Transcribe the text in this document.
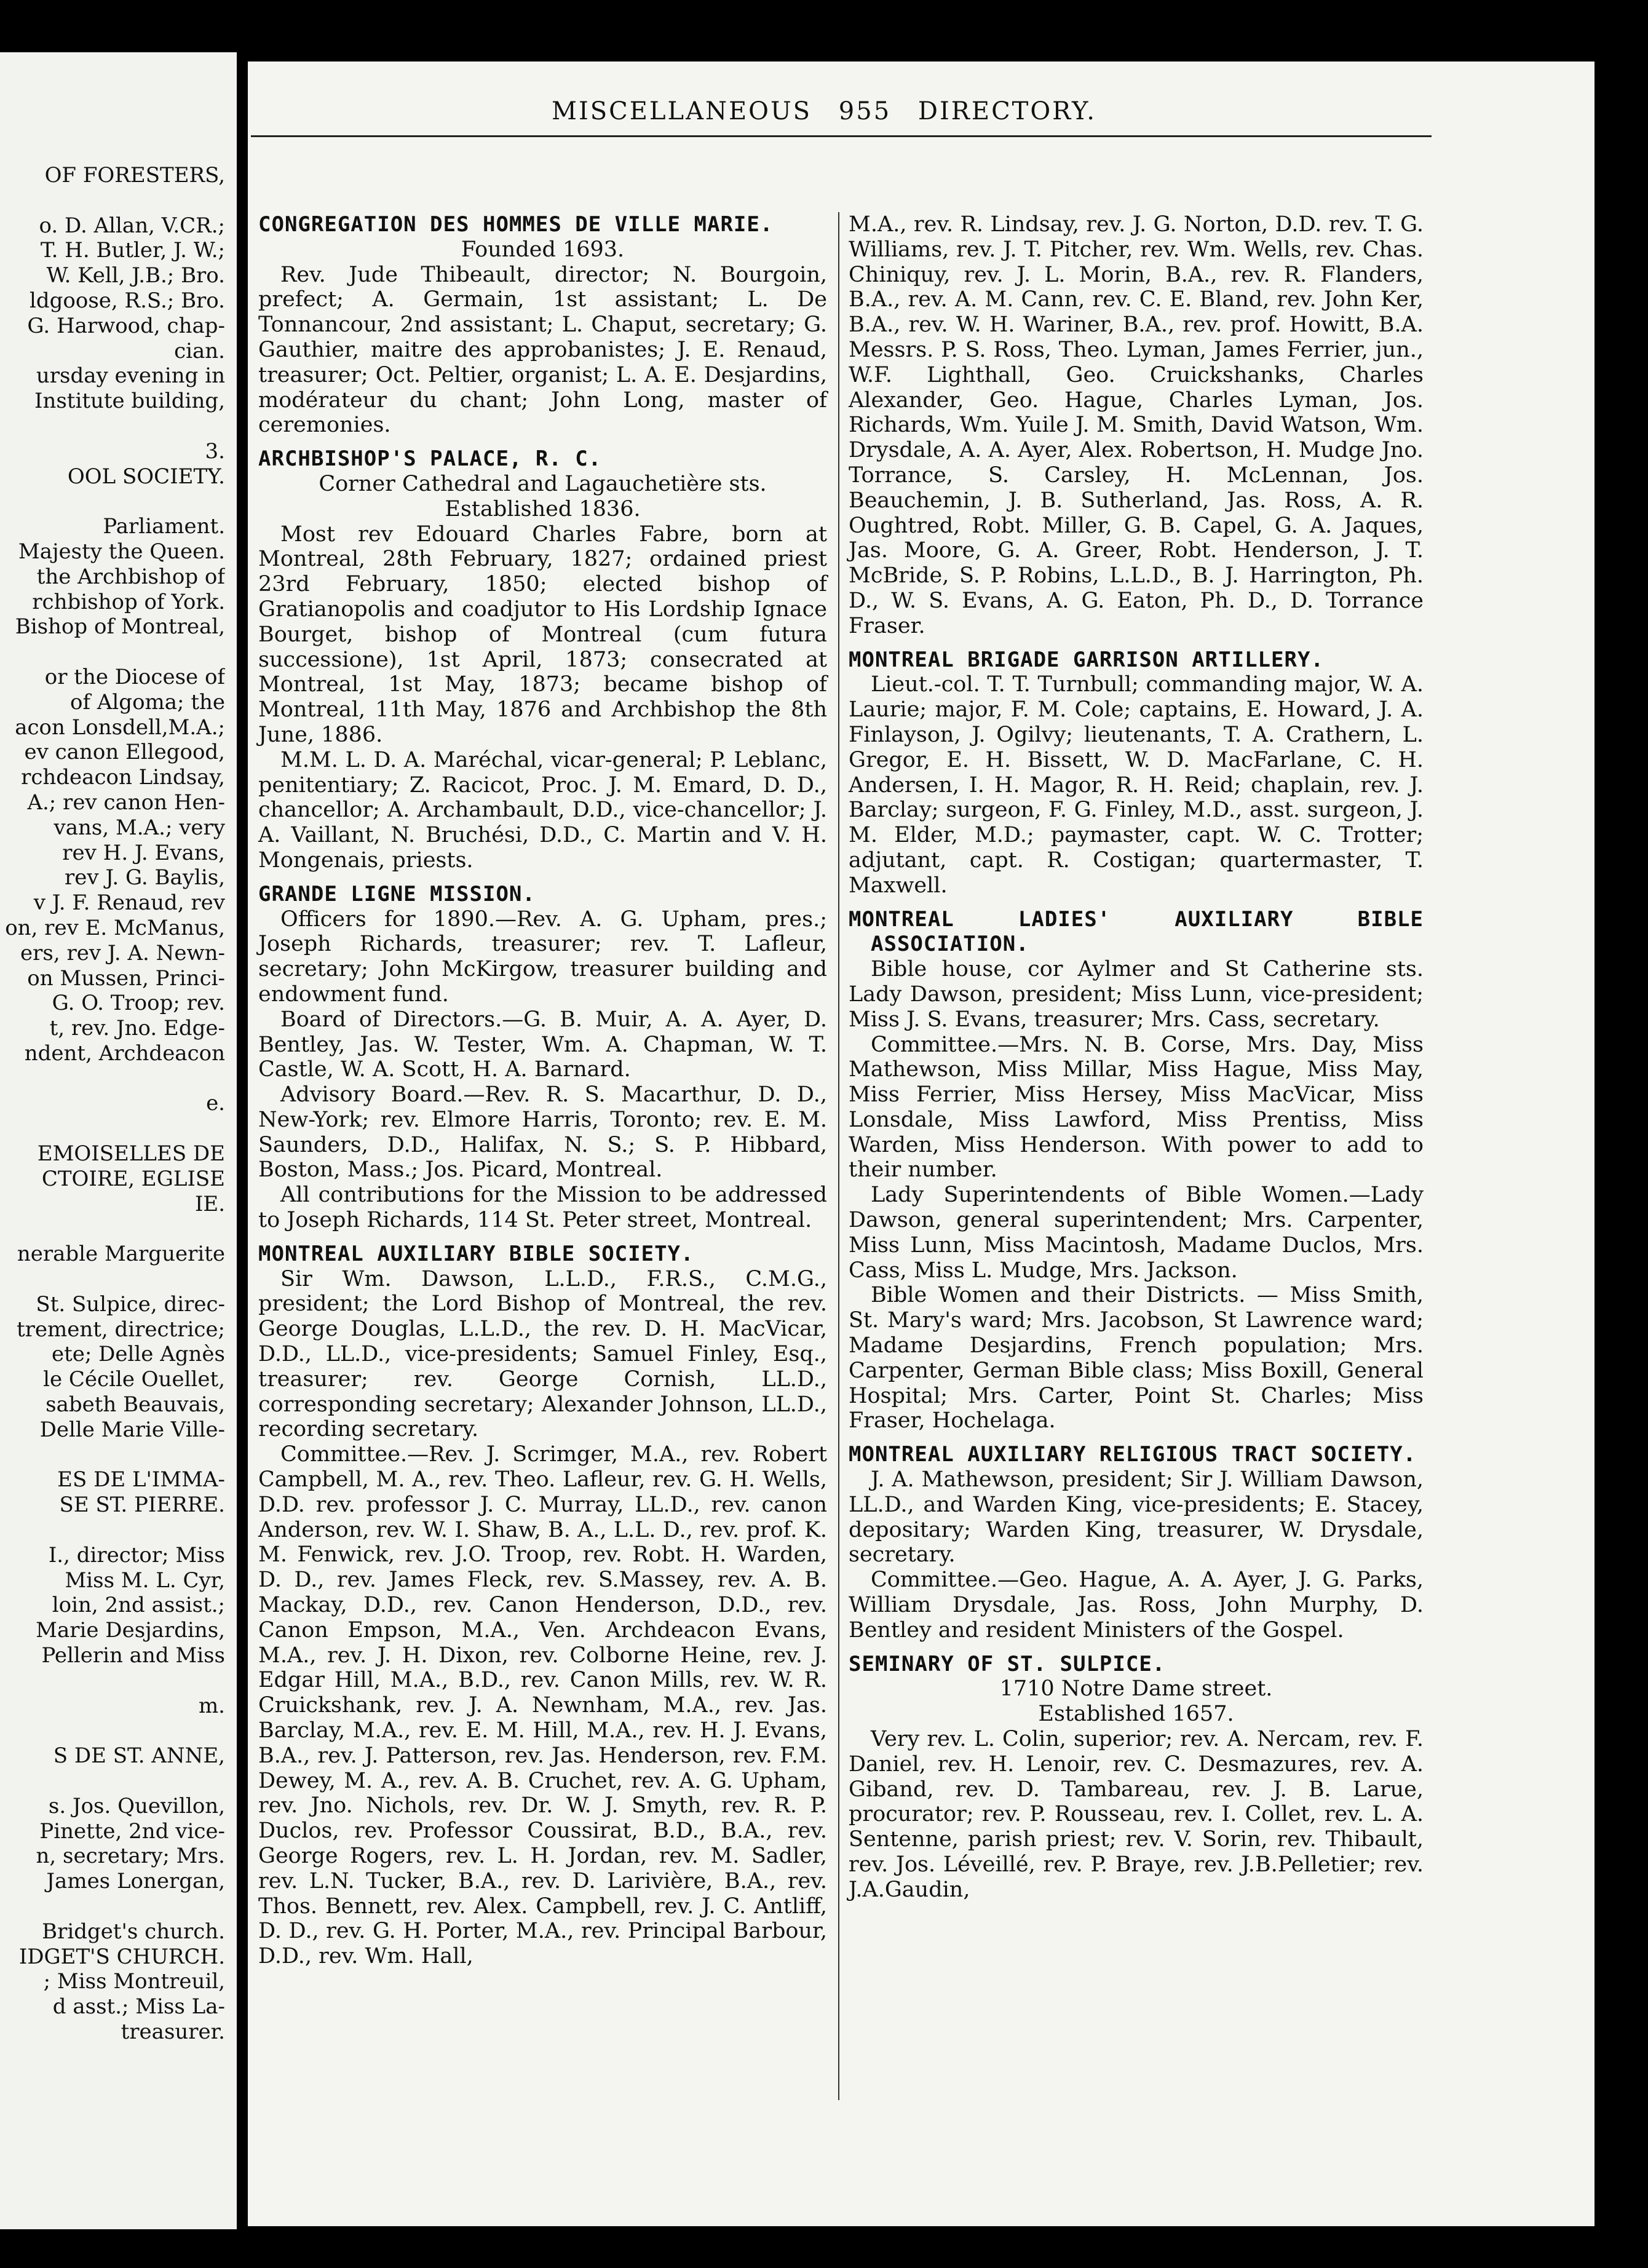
OF FORESTERS,
o. D. Allan, V.CR.;
T. H. Butler, J. W.;
W. Kell, J.B.; Bro.
ldgoose, R.S.; Bro.
G. Harwood, chap-
cian.
ursday evening in
Institute building,
3.
OOL SOCIETY.
Parliament.
Majesty the Queen.
the Archbishop of
rchbishop of York.
Bishop of Montreal,
or the Diocese of
of Algoma; the
acon Lonsdell,M.A.;
ev canon Ellegood,
rchdeacon Lindsay,
A.; rev canon Hen-
vans, M.A.; very
rev H. J. Evans,
rev J. G. Baylis,
v J. F. Renaud, rev
on, rev E. McManus,
ers, rev J. A. Newn-
on Mussen, Princi-
G. O. Troop; rev.
t, rev. Jno. Edge-
ndent, Archdeacon
e.
EMOISELLES DE
CTOIRE, EGLISE
IE.
nerable Marguerite
St. Sulpice, direc-
trement, directrice;
ete; Delle Agnès
le Cécile Ouellet,
sabeth Beauvais,
Delle Marie Ville-
ES DE L'IMMA-
SE ST. PIERRE.
I., director; Miss
Miss M. L. Cyr,
loin, 2nd assist.;
Marie Desjardins,
Pellerin and Miss
m.
S DE ST. ANNE,
s. Jos. Quevillon,
Pinette, 2nd vice-
n, secretary; Mrs.
James Lonergan,
Bridget's church.
IDGET'S CHURCH.
; Miss Montreuil,
d asst.; Miss La-
treasurer.
MISCELLANEOUS 955 DIRECTORY.

CONGREGATION DES HOMMES DE VILLE MARIE.

Founded 1693.

Rev. Jude Thibeault, director; N. Bourgoin, prefect; A. Germain, 1st assistant; L. De Tonnancour, 2nd assistant; L. Chaput, secretary; G. Gauthier, maitre des approbanistes; J. E. Renaud, treasurer; Oct. Peltier, organist; L. A. E. Desjardins, modérateur du chant; John Long, master of ceremonies.

ARCHBISHOP'S PALACE, R. C.

Corner Cathedral and Lagauchetière sts.

Established 1836.

Most rev Edouard Charles Fabre, born at Montreal, 28th February, 1827; ordained priest 23rd February, 1850; elected bishop of Gratianopolis and coadjutor to His Lordship Ignace Bourget, bishop of Montreal (cum futura successione), 1st April, 1873; consecrated at Montreal, 1st May, 1873; became bishop of Montreal, 11th May, 1876 and Archbishop the 8th June, 1886.

M.M. L. D. A. Maréchal, vicar-general; P. Leblanc, penitentiary; Z. Racicot, Proc. J. M. Emard, D. D., chancellor; A. Archambault, D.D., vice-chancellor; J. A. Vaillant, N. Bruchési, D.D., C. Martin and V. H. Mongenais, priests.

GRANDE LIGNE MISSION.

Officers for 1890.—Rev. A. G. Upham, pres.; Joseph Richards, treasurer; rev. T. Lafleur, secretary; John McKirgow, treasurer building and endowment fund.

Board of Directors.—G. B. Muir, A. A. Ayer, D. Bentley, Jas. W. Tester, Wm. A. Chapman, W. T. Castle, W. A. Scott, H. A. Barnard.

Advisory Board.—Rev. R. S. Macarthur, D. D., New-York; rev. Elmore Harris, Toronto; rev. E. M. Saunders, D.D., Halifax, N. S.; S. P. Hibbard, Boston, Mass.; Jos. Picard, Montreal.

All contributions for the Mission to be addressed to Joseph Richards, 114 St. Peter street, Montreal.

MONTREAL AUXILIARY BIBLE SOCIETY.

Sir Wm. Dawson, L.L.D., F.R.S., C.M.G., president; the Lord Bishop of Montreal, the rev. George Douglas, L.L.D., the rev. D. H. MacVicar, D.D., LL.D., vice-presidents; Samuel Finley, Esq., treasurer; rev. George Cornish, LL.D., corresponding secretary; Alexander Johnson, LL.D., recording secretary.

Committee.—Rev. J. Scrimger, M.A., rev. Robert Campbell, M. A., rev. Theo. Lafleur, rev. G. H. Wells, D.D. rev. professor J. C. Murray, LL.D., rev. canon Anderson, rev. W. I. Shaw, B. A., L.L. D., rev. prof. K. M. Fenwick, rev. J.O. Troop, rev. Robt. H. Warden, D. D., rev. James Fleck, rev. S.Massey, rev. A. B. Mackay, D.D., rev. Canon Henderson, D.D., rev. Canon Empson, M.A., Ven. Archdeacon Evans, M.A., rev. J. H. Dixon, rev. Colborne Heine, rev. J. Edgar Hill, M.A., B.D., rev. Canon Mills, rev. W. R. Cruickshank, rev. J. A. Newnham, M.A., rev. Jas. Barclay, M.A., rev. E. M. Hill, M.A., rev. H. J. Evans, B.A., rev. J. Patterson, rev. Jas. Henderson, rev. F.M. Dewey, M. A., rev. A. B. Cruchet, rev. A. G. Upham, rev. Jno. Nichols, rev. Dr. W. J. Smyth, rev. R. P. Duclos, rev. Professor Coussirat, B.D., B.A., rev. George Rogers, rev. L. H. Jordan, rev. M. Sadler, rev. L.N. Tucker, B.A., rev. D. Larivière, B.A., rev. Thos. Bennett, rev. Alex. Campbell, rev. J. C. Antliff, D. D., rev. G. H. Porter, M.A., rev. Principal Barbour, D.D., rev. Wm. Hall,

M.A., rev. R. Lindsay, rev. J. G. Norton, D.D. rev. T. G. Williams, rev. J. T. Pitcher, rev. Wm. Wells, rev. Chas. Chiniquy, rev. J. L. Morin, B.A., rev. R. Flanders, B.A., rev. A. M. Cann, rev. C. E. Bland, rev. John Ker, B.A., rev. W. H. Wariner, B.A., rev. prof. Howitt, B.A. Messrs. P. S. Ross, Theo. Lyman, James Ferrier, jun., W.F. Lighthall, Geo. Cruickshanks, Charles Alexander, Geo. Hague, Charles Lyman, Jos. Richards, Wm. Yuile J. M. Smith, David Watson, Wm. Drysdale, A. A. Ayer, Alex. Robertson, H. Mudge Jno. Torrance, S. Carsley, H. McLennan, Jos. Beauchemin, J. B. Sutherland, Jas. Ross, A. R. Oughtred, Robt. Miller, G. B. Capel, G. A. Jaques, Jas. Moore, G. A. Greer, Robt. Henderson, J. T. McBride, S. P. Robins, L.L.D., B. J. Harrington, Ph. D., W. S. Evans, A. G. Eaton, Ph. D., D. Torrance Fraser.

MONTREAL BRIGADE GARRISON ARTILLERY.

Lieut.-col. T. T. Turnbull; commanding major, W. A. Laurie; major, F. M. Cole; captains, E. Howard, J. A. Finlayson, J. Ogilvy; lieutenants, T. A. Crathern, L. Gregor, E. H. Bissett, W. D. MacFarlane, C. H. Andersen, I. H. Magor, R. H. Reid; chaplain, rev. J. Barclay; surgeon, F. G. Finley, M.D., asst. surgeon, J. M. Elder, M.D.; paymaster, capt. W. C. Trotter; adjutant, capt. R. Costigan; quartermaster, T. Maxwell.

MONTREAL LADIES' AUXILIARY BIBLE ASSOCIATION.

Bible house, cor Aylmer and St Catherine sts. Lady Dawson, president; Miss Lunn, vice-president; Miss J. S. Evans, treasurer; Mrs. Cass, secretary.

Committee.—Mrs. N. B. Corse, Mrs. Day, Miss Mathewson, Miss Millar, Miss Hague, Miss May, Miss Ferrier, Miss Hersey, Miss MacVicar, Miss Lonsdale, Miss Lawford, Miss Prentiss, Miss Warden, Miss Henderson. With power to add to their number.

Lady Superintendents of Bible Women.—Lady Dawson, general superintendent; Mrs. Carpenter, Miss Lunn, Miss Macintosh, Madame Duclos, Mrs. Cass, Miss L. Mudge, Mrs. Jackson.

Bible Women and their Districts. — Miss Smith, St. Mary's ward; Mrs. Jacobson, St Lawrence ward; Madame Desjardins, French population; Mrs. Carpenter, German Bible class; Miss Boxill, General Hospital; Mrs. Carter, Point St. Charles; Miss Fraser, Hochelaga.

MONTREAL AUXILIARY RELIGIOUS TRACT SOCIETY.

J. A. Mathewson, president; Sir J. William Dawson, LL.D., and Warden King, vice-presidents; E. Stacey, depositary; Warden King, treasurer, W. Drysdale, secretary.

Committee.—Geo. Hague, A. A. Ayer, J. G. Parks, William Drysdale, Jas. Ross, John Murphy, D. Bentley and resident Ministers of the Gospel.

SEMINARY OF ST. SULPICE.

1710 Notre Dame street.

Established 1657.

Very rev. L. Colin, superior; rev. A. Nercam, rev. F. Daniel, rev. H. Lenoir, rev. C. Desmazures, rev. A. Giband, rev. D. Tambareau, rev. J. B. Larue, procurator; rev. P. Rousseau, rev. I. Collet, rev. L. A. Sentenne, parish priest; rev. V. Sorin, rev. Thibault, rev. Jos. Léveillé, rev. P. Braye, rev. J.B.Pelletier; rev. J.A.Gaudin,
